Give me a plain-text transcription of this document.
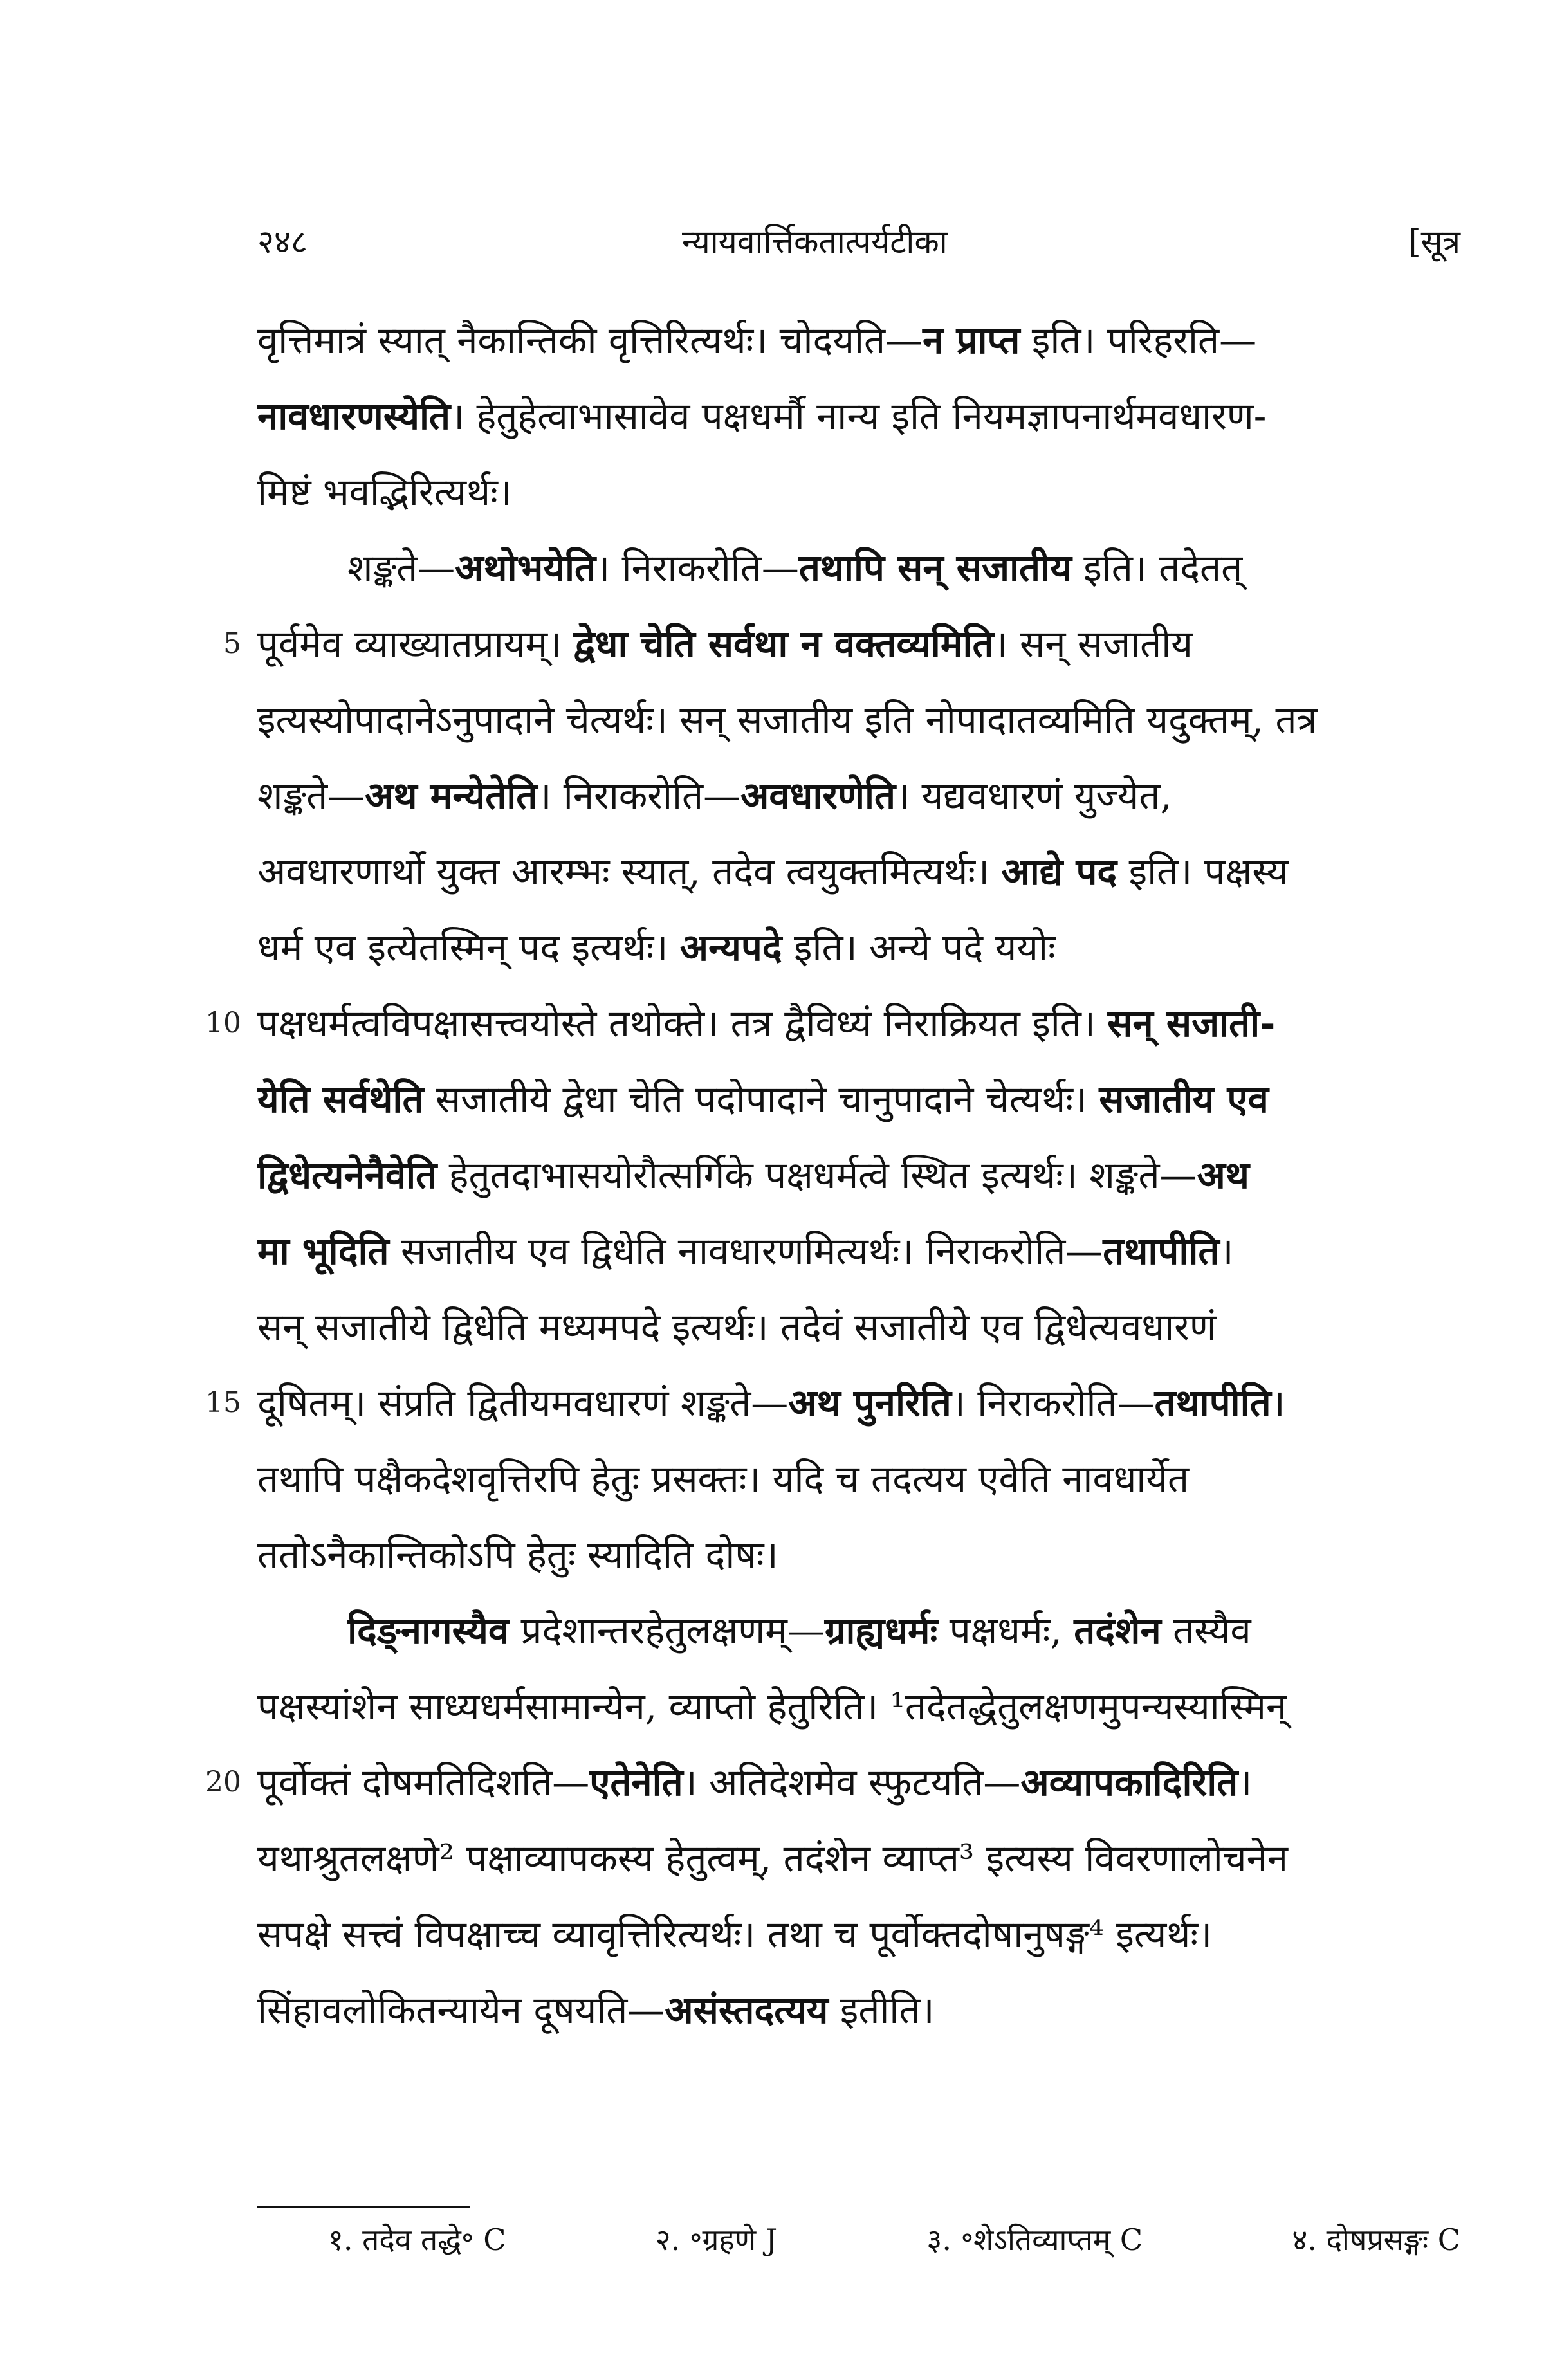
२४८	न्यायवार्त्तिकतात्पर्यटीका	[सूत्र
वृत्तिमात्रं स्यात् नैकान्तिकी वृत्तिरित्यर्थः। चोदयति—न प्राप्त इति। परिहरति—
नावधारणस्येति। हेतुहेत्वाभासावेव पक्षधर्मौ नान्य इति नियमज्ञापनार्थमवधारण-
मिष्टं भवद्भिरित्यर्थः।
शङ्कते—अथोभयेति। निराकरोति—तथापि सन् सजातीय इति। तदेतत्
5 पूर्वमेव व्याख्यातप्रायम्। द्वेधा चेति सर्वथा न वक्तव्यमिति। सन् सजातीय
इत्यस्योपादानेऽनुपादाने चेत्यर्थः। सन् सजातीय इति नोपादातव्यमिति यदुक्तम्, तत्र
शङ्कते—अथ मन्येतेति। निराकरोति—अवधारणेति। यद्यवधारणं युज्येत,
अवधारणार्थो युक्त आरम्भः स्यात्, तदेव त्वयुक्तमित्यर्थः। आद्ये पद इति। पक्षस्य
धर्म एव इत्येतस्मिन् पद इत्यर्थः। अन्यपदे इति। अन्ये पदे ययोः
10 पक्षधर्मत्वविपक्षासत्त्वयोस्ते तथोक्ते। तत्र द्वैविध्यं निराक्रियत इति। सन् सजाती-
येति सर्वथेति सजातीये द्वेधा चेति पदोपादाने चानुपादाने चेत्यर्थः। सजातीय एव
द्विधेत्यनेनैवेति हेतुतदाभासयोरौत्सर्गिके पक्षधर्मत्वे स्थित इत्यर्थः। शङ्कते—अथ
मा भूदिति सजातीय एव द्विधेति नावधारणमित्यर्थः। निराकरोति—तथापीति।
सन् सजातीये द्विधेति मध्यमपदे इत्यर्थः। तदेवं सजातीये एव द्विधेत्यवधारणं
15 दूषितम्। संप्रति द्वितीयमवधारणं शङ्कते—अथ पुनरिति। निराकरोति—तथापीति।
तथापि पक्षैकदेशवृत्तिरपि हेतुः प्रसक्तः। यदि च तदत्यय एवेति नावधार्येत
ततोऽनैकान्तिकोऽपि हेतुः स्यादिति दोषः।
दिङ्नागस्यैव प्रदेशान्तरहेतुलक्षणम्—ग्राह्यधर्मः पक्षधर्मः, तदंशेन तस्यैव
पक्षस्यांशेन साध्यधर्मसामान्येन, व्याप्तो हेतुरिति। ¹तदेतद्धेतुलक्षणमुपन्यस्यास्मिन्
20 पूर्वोक्तं दोषमतिदिशति—एतेनेति। अतिदेशमेव स्फुटयति—अव्यापकादिरिति।
यथाश्रुतलक्षणे² पक्षाव्यापकस्य हेतुत्वम्, तदंशेन व्याप्त³ इत्यस्य विवरणालोचनेन
सपक्षे सत्त्वं विपक्षाच्च व्यावृत्तिरित्यर्थः। तथा च पूर्वोक्तदोषानुषङ्ग⁴ इत्यर्थः।
सिंहावलोकितन्यायेन दूषयति—असंस्तदत्यय इतीति।
१. तदेव तद्धे॰ C	२. ॰ग्रहणे J	३. ॰शेऽतिव्याप्तम् C	४. दोषप्रसङ्गः C
